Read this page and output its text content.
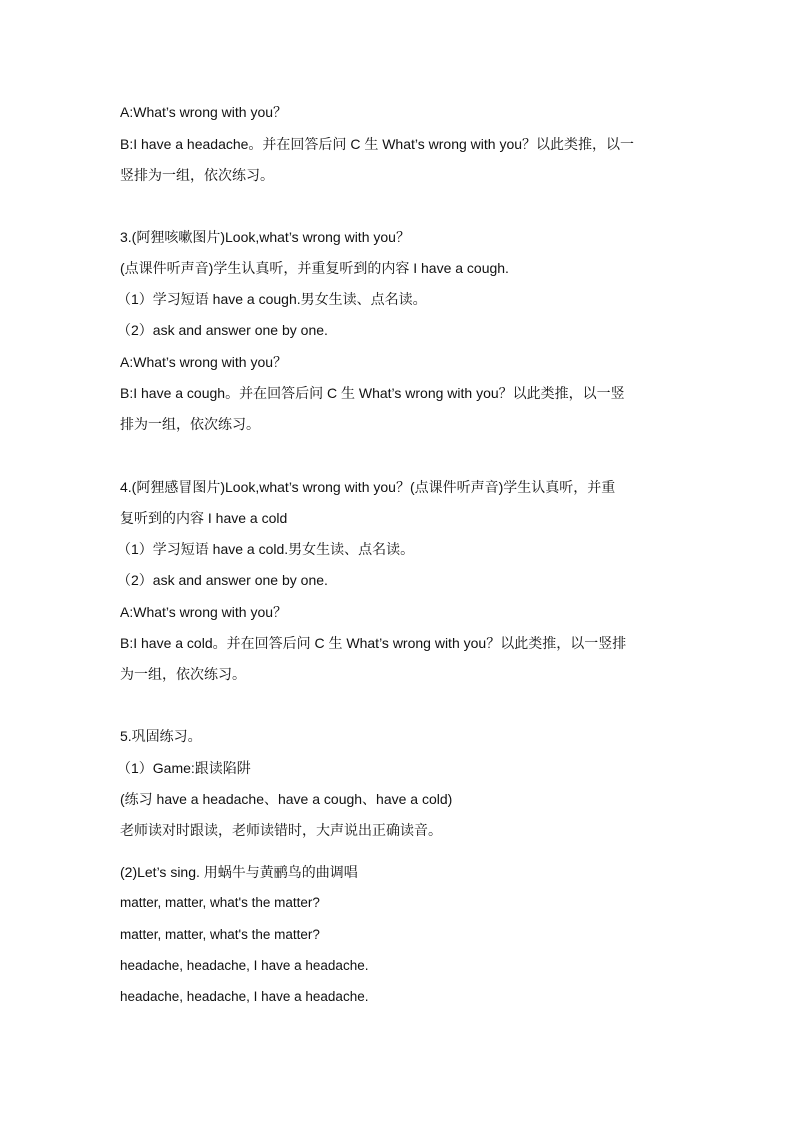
A:What’s wrong with you？
B:I have a headache。并在回答后问 C 生 What’s wrong with you？以此类推，以一
竖排为一组，依次练习。
3.(阿狸咳嗽图片)Look,what’s wrong with you？
(点课件听声音)学生认真听，并重复听到的内容 I have a cough.
（1）学习短语 have a cough.男女生读、点名读。
（2）ask and answer one by one.
A:What’s wrong with you？
B:I have a cough。并在回答后问 C 生 What’s wrong with you？以此类推，以一竖
排为一组，依次练习。
4.(阿狸感冒图片)Look,what’s wrong with you？(点课件听声音)学生认真听，并重
复听到的内容 I have a cold
（1）学习短语 have a cold.男女生读、点名读。
（2）ask and answer one by one.
A:What’s wrong with you？
B:I have a cold。并在回答后问 C 生 What’s wrong with you？以此类推，以一竖排
为一组，依次练习。
5.巩固练习。
（1）Game:跟读陷阱
(练习 have a headache、have a cough、have a cold)
老师读对时跟读，老师读错时，大声说出正确读音。
(2)Let’s sing. 用蜗牛与黄鹂鸟的曲调唱
matter, matter, what's the matter?
matter, matter, what's the matter?
headache, headache, I have a headache.
headache, headache, I have a headache.
